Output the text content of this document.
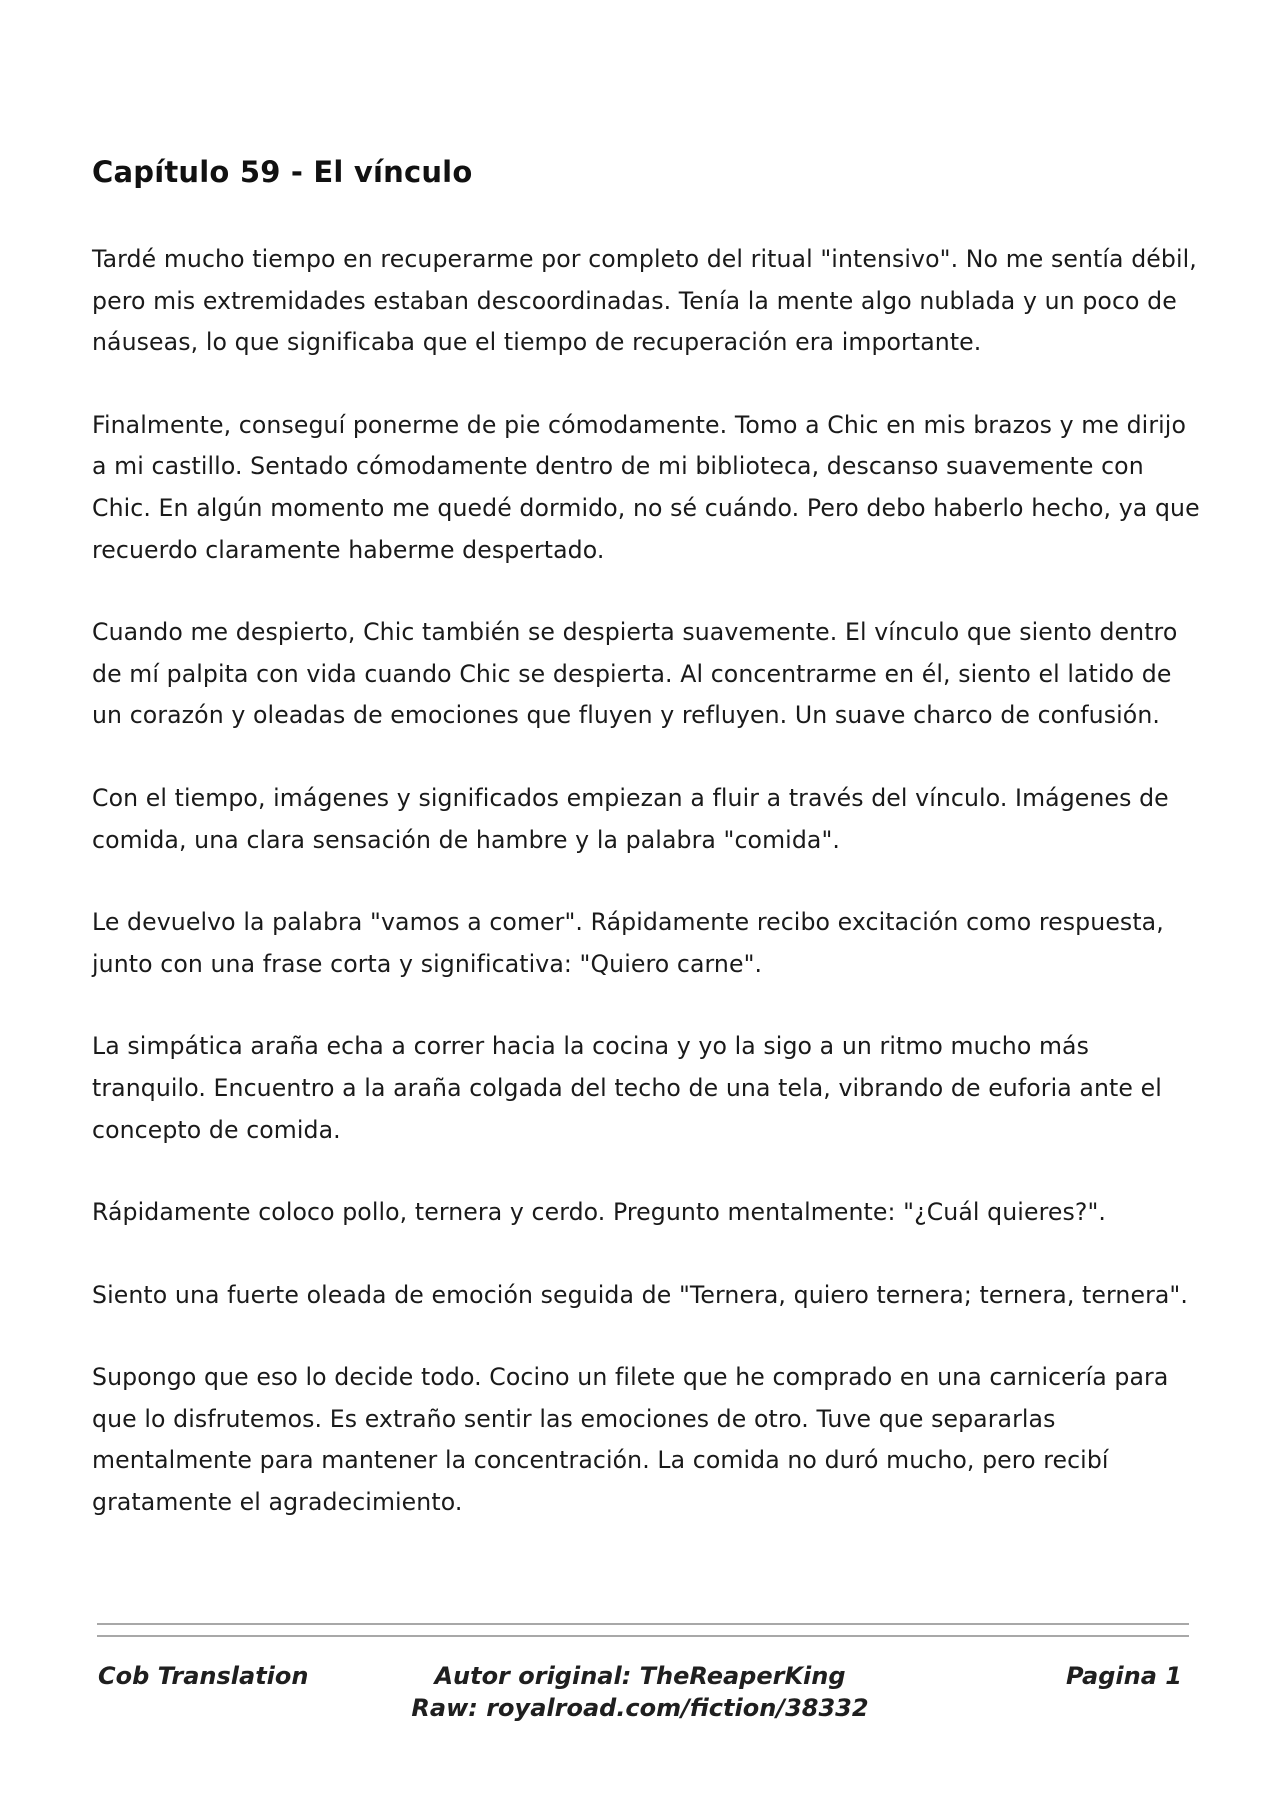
Capítulo 59 - El vínculo

Tardé mucho tiempo en recuperarme por completo del ritual "intensivo". No me sentía débil, pero mis extremidades estaban descoordinadas. Tenía la mente algo nublada y un poco de náuseas, lo que significaba que el tiempo de recuperación era importante.

Finalmente, conseguí ponerme de pie cómodamente. Tomo a Chic en mis brazos y me dirijo a mi castillo. Sentado cómodamente dentro de mi biblioteca, descanso suavemente con Chic. En algún momento me quedé dormido, no sé cuándo. Pero debo haberlo hecho, ya que recuerdo claramente haberme despertado.

Cuando me despierto, Chic también se despierta suavemente. El vínculo que siento dentro de mí palpita con vida cuando Chic se despierta. Al concentrarme en él, siento el latido de un corazón y oleadas de emociones que fluyen y refluyen. Un suave charco de confusión.

Con el tiempo, imágenes y significados empiezan a fluir a través del vínculo. Imágenes de comida, una clara sensación de hambre y la palabra "comida".

Le devuelvo la palabra "vamos a comer". Rápidamente recibo excitación como respuesta, junto con una frase corta y significativa: "Quiero carne".

La simpática araña echa a correr hacia la cocina y yo la sigo a un ritmo mucho más tranquilo. Encuentro a la araña colgada del techo de una tela, vibrando de euforia ante el concepto de comida.

Rápidamente coloco pollo, ternera y cerdo. Pregunto mentalmente: "¿Cuál quieres?".

Siento una fuerte oleada de emoción seguida de "Ternera, quiero ternera; ternera, ternera".

Supongo que eso lo decide todo. Cocino un filete que he comprado en una carnicería para que lo disfrutemos. Es extraño sentir las emociones de otro. Tuve que separarlas mentalmente para mantener la concentración. La comida no duró mucho, pero recibí gratamente el agradecimiento.

Cob Translation	Autor original: TheReaperKing
Raw: royalroad.com/fiction/38332
Pagina 1
